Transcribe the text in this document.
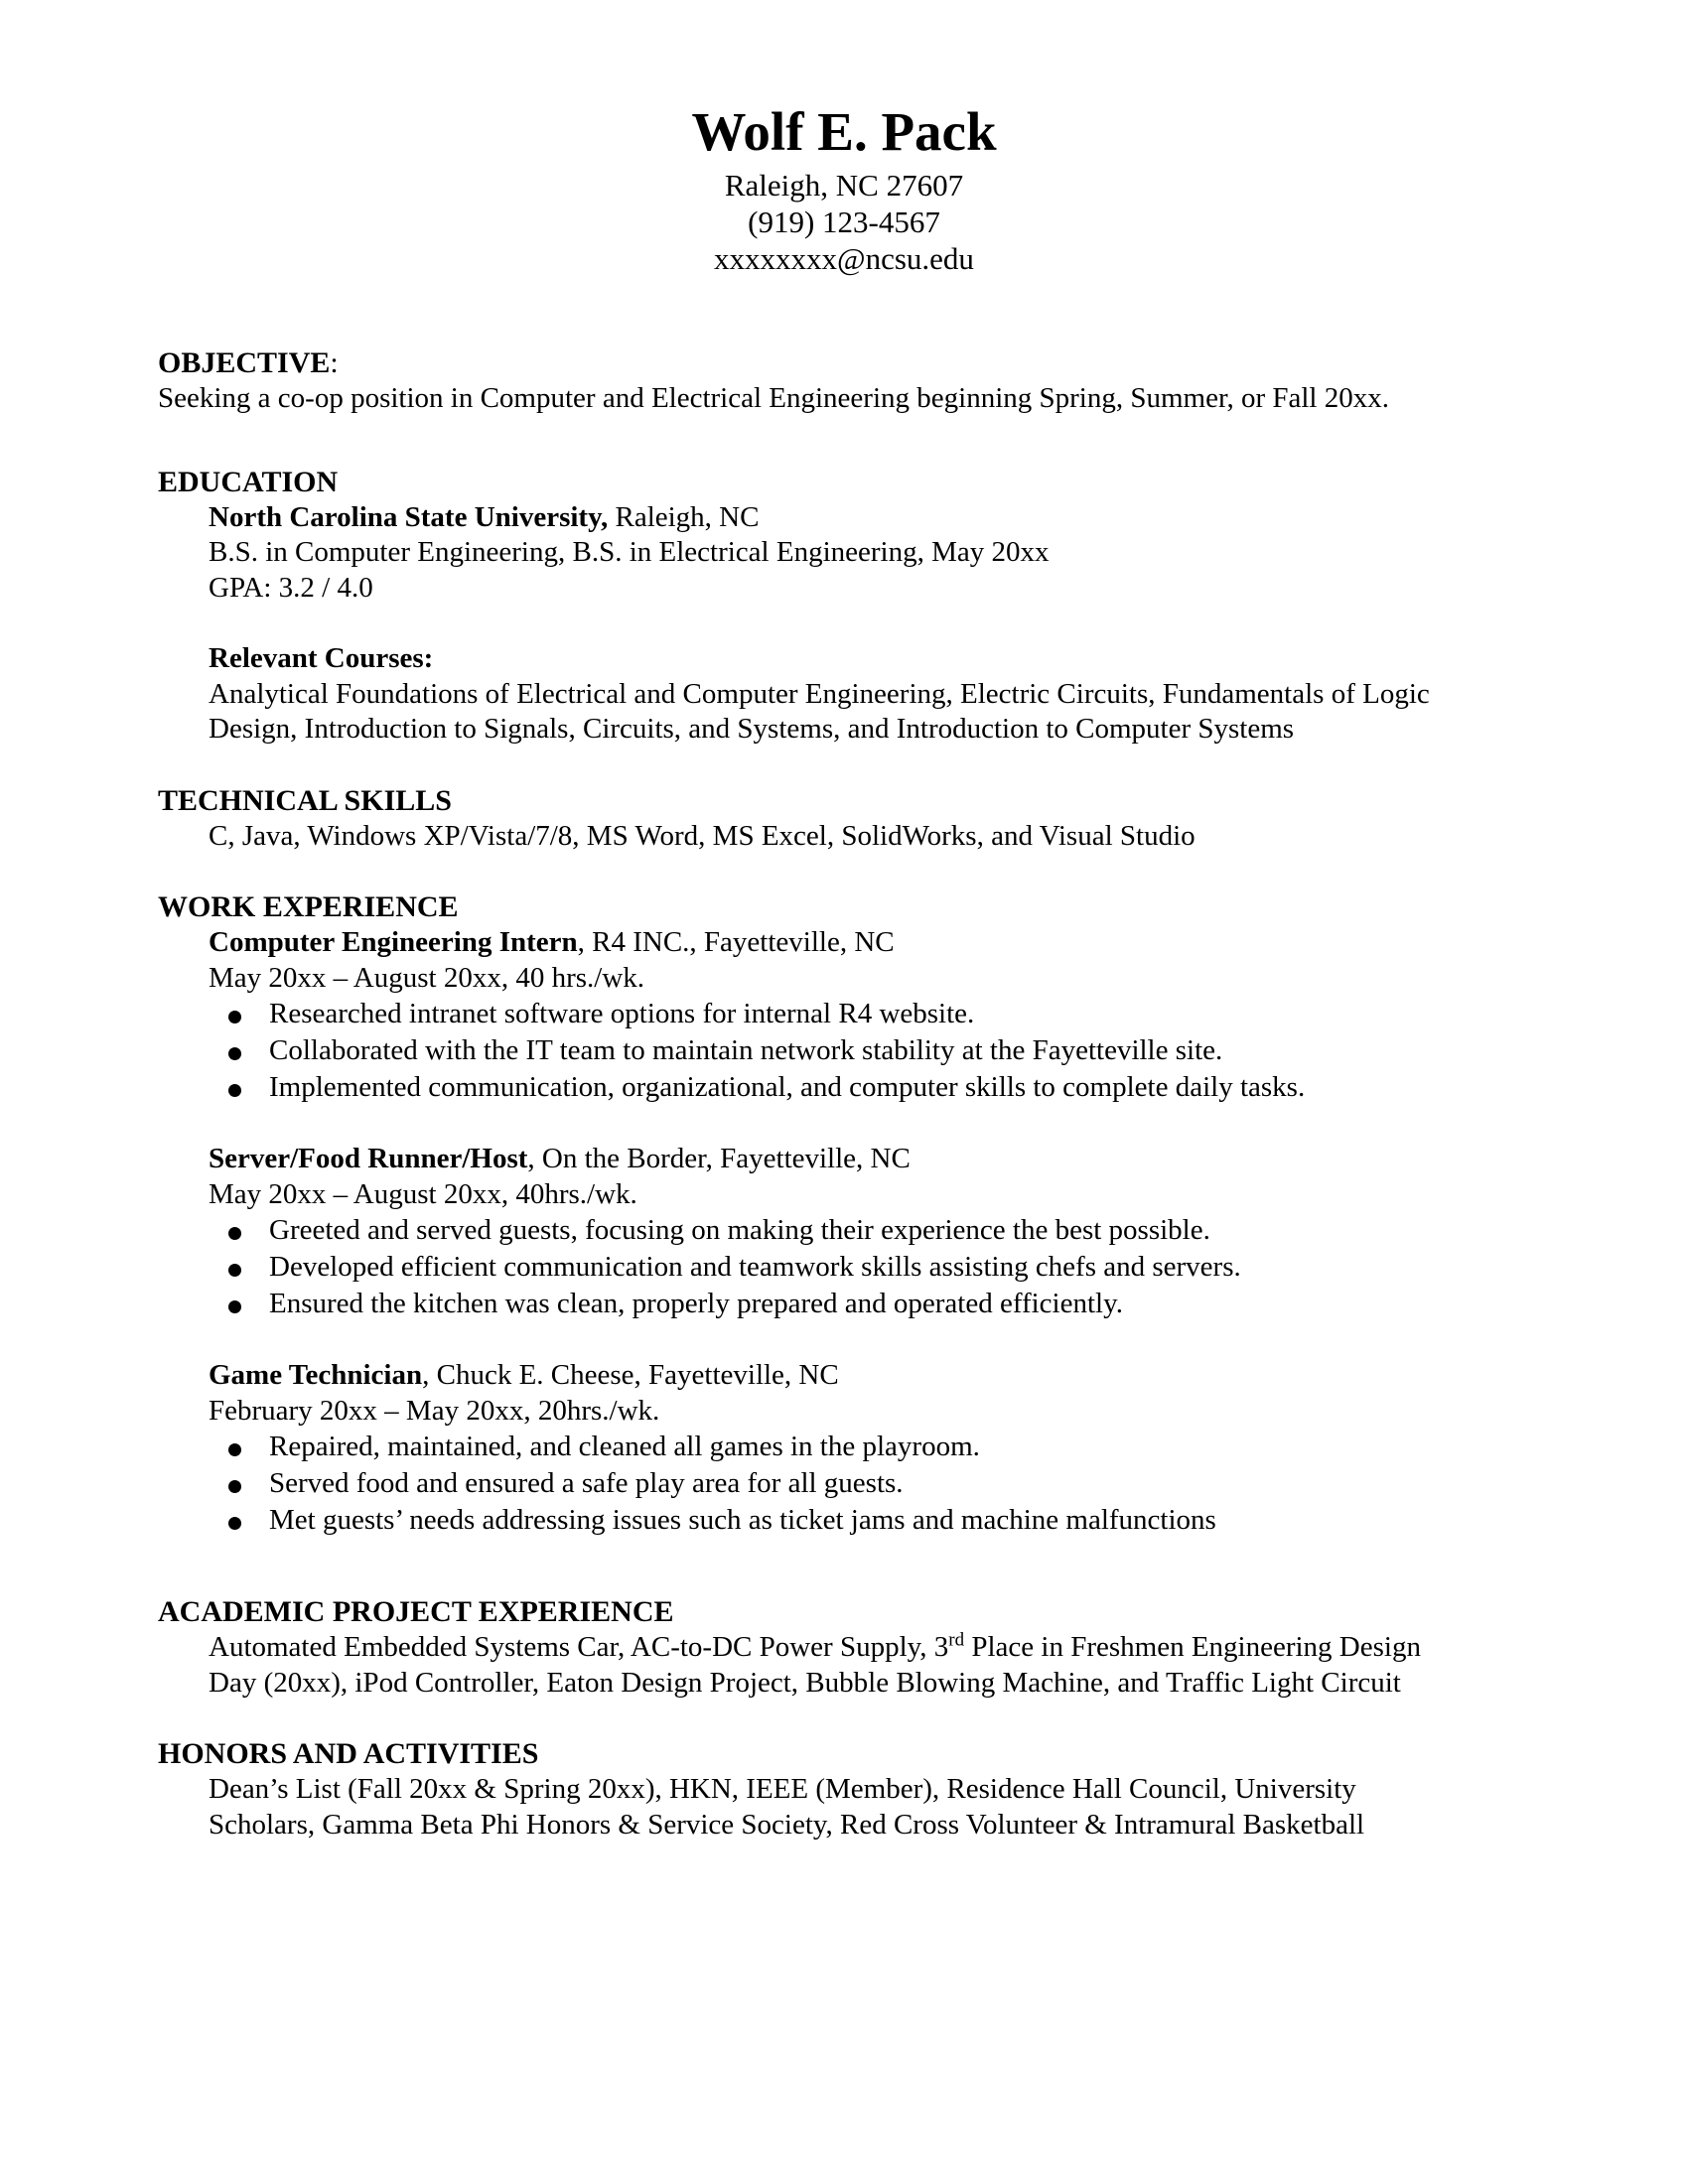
Wolf E. Pack
Raleigh, NC 27607
(919) 123-4567
xxxxxxxx@ncsu.edu
OBJECTIVE:
Seeking a co-op position in Computer and Electrical Engineering beginning Spring, Summer, or Fall 20xx.
EDUCATION
North Carolina State University, Raleigh, NC
B.S. in Computer Engineering, B.S. in Electrical Engineering, May 20xx
GPA: 3.2 / 4.0
Relevant Courses:
Analytical Foundations of Electrical and Computer Engineering, Electric Circuits, Fundamentals of Logic
Design, Introduction to Signals, Circuits, and Systems, and Introduction to Computer Systems
TECHNICAL SKILLS
C, Java, Windows XP/Vista/7/8, MS Word, MS Excel, SolidWorks, and Visual Studio
WORK EXPERIENCE
Computer Engineering Intern, R4 INC., Fayetteville, NC
May 20xx – August 20xx, 40 hrs./wk.
Researched intranet software options for internal R4 website.
Collaborated with the IT team to maintain network stability at the Fayetteville site.
Implemented communication, organizational, and computer skills to complete daily tasks.
Server/Food Runner/Host, On the Border, Fayetteville, NC
May 20xx – August 20xx, 40hrs./wk.
Greeted and served guests, focusing on making their experience the best possible.
Developed efficient communication and teamwork skills assisting chefs and servers.
Ensured the kitchen was clean, properly prepared and operated efficiently.
Game Technician, Chuck E. Cheese, Fayetteville, NC
February 20xx – May 20xx, 20hrs./wk.
Repaired, maintained, and cleaned all games in the playroom.
Served food and ensured a safe play area for all guests.
Met guests’ needs addressing issues such as ticket jams and machine malfunctions
ACADEMIC PROJECT EXPERIENCE
Automated Embedded Systems Car, AC-to-DC Power Supply, 3rd Place in Freshmen Engineering Design
Day (20xx), iPod Controller, Eaton Design Project, Bubble Blowing Machine, and Traffic Light Circuit
HONORS AND ACTIVITIES
Dean’s List (Fall 20xx & Spring 20xx), HKN, IEEE (Member), Residence Hall Council, University
Scholars, Gamma Beta Phi Honors & Service Society, Red Cross Volunteer & Intramural Basketball
